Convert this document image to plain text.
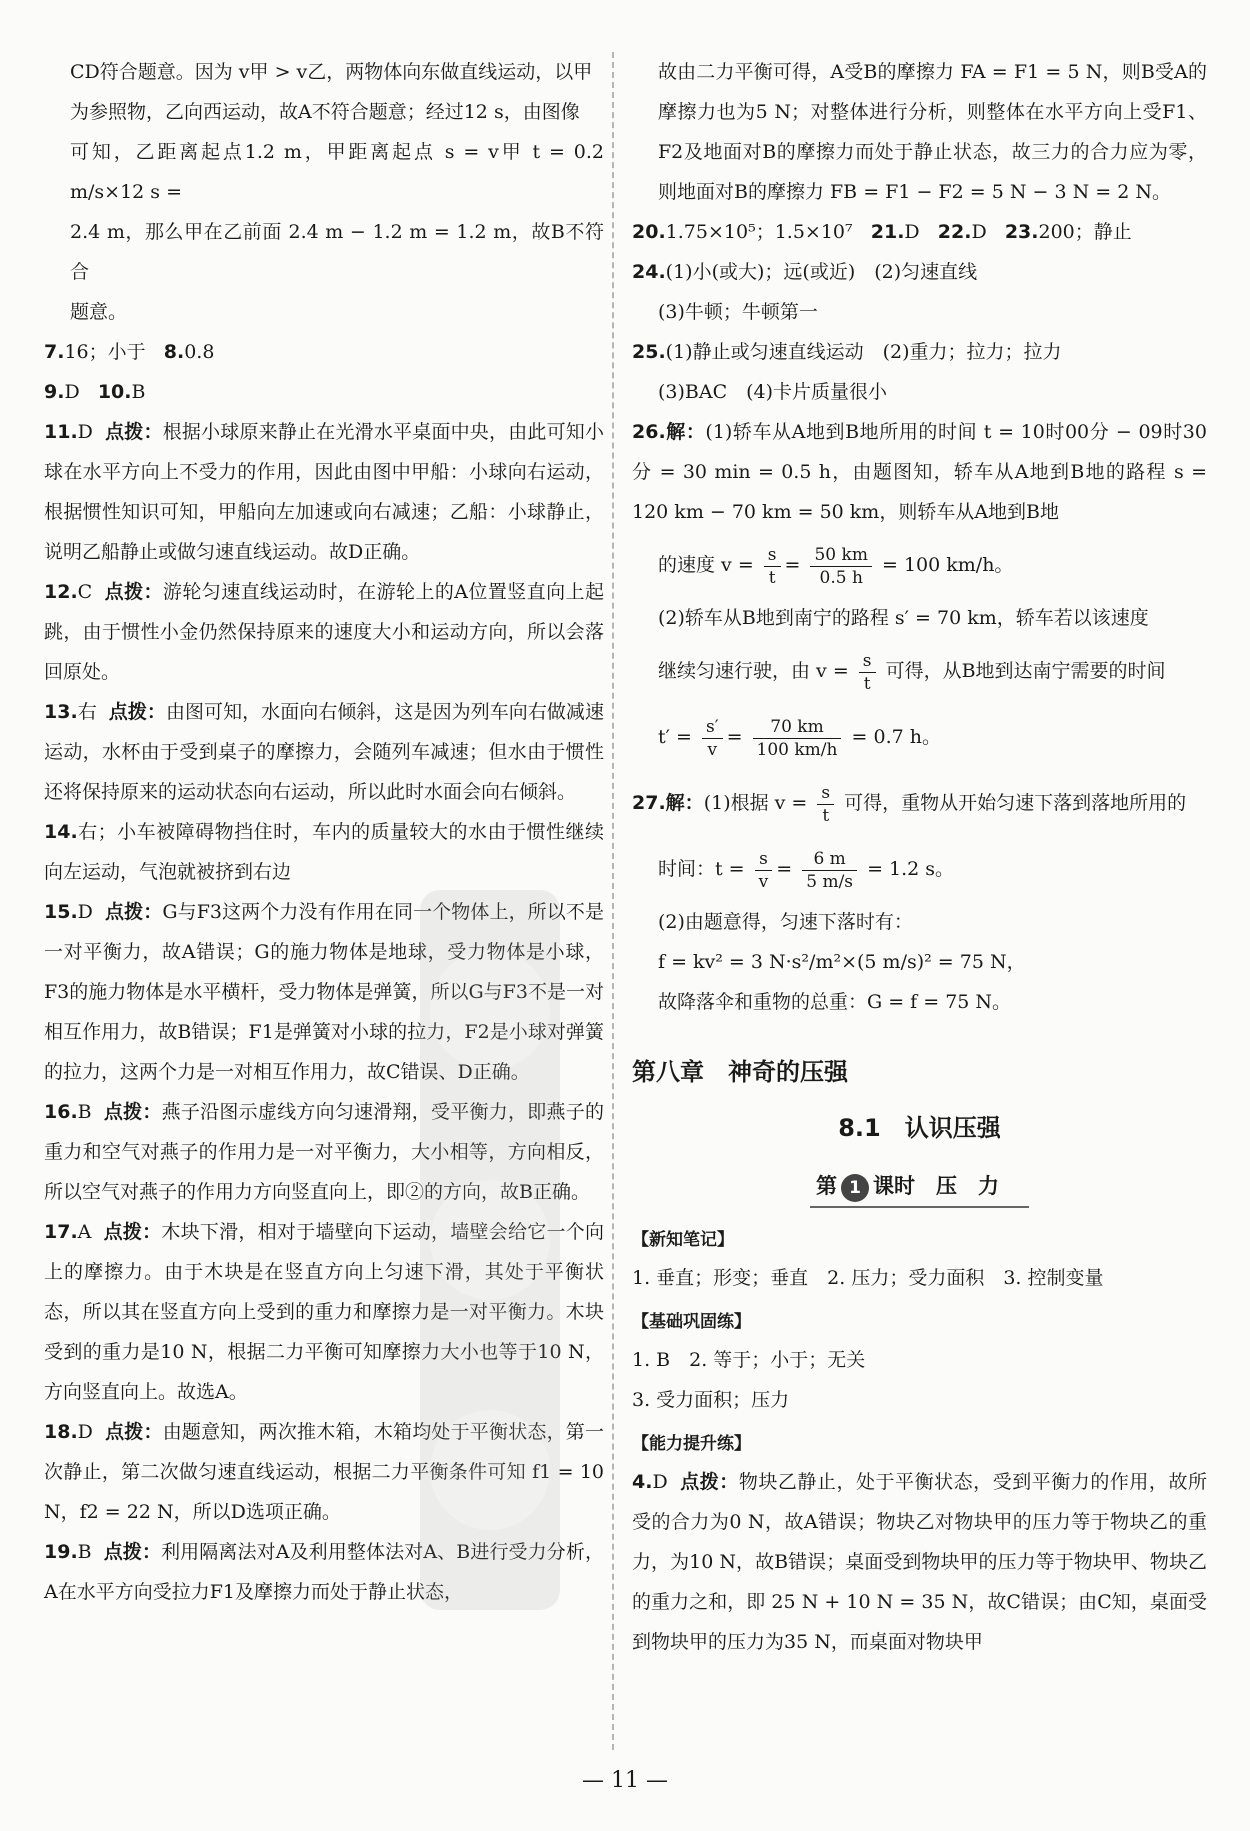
CD符合题意。因为 v甲 > v乙，两物体向东做直线运动，以甲

为参照物，乙向西运动，故A不符合题意；经过12 s，由图像

可知，乙距离起点1.2 m，甲距离起点 s = v甲 t = 0.2 m/s×12 s =

2.4 m，那么甲在乙前面 2.4 m − 1.2 m = 1.2 m，故B不符合

题意。

7.16；小于 8.0.8

9.D 10.B

11.D 点拨：根据小球原来静止在光滑水平桌面中央，由此可知小球在水平方向上不受力的作用，因此由图中甲船：小球向右运动，根据惯性知识可知，甲船向左加速或向右减速；乙船：小球静止，说明乙船静止或做匀速直线运动。故D正确。

12.C 点拨：游轮匀速直线运动时，在游轮上的A位置竖直向上起跳，由于惯性小金仍然保持原来的速度大小和运动方向，所以会落回原处。

13.右 点拨：由图可知，水面向右倾斜，这是因为列车向右做减速运动，水杯由于受到桌子的摩擦力，会随列车减速；但水由于惯性还将保持原来的运动状态向右运动，所以此时水面会向右倾斜。

14.右；小车被障碍物挡住时，车内的质量较大的水由于惯性继续向左运动，气泡就被挤到右边

15.D 点拨：G与F3这两个力没有作用在同一个物体上，所以不是一对平衡力，故A错误；G的施力物体是地球，受力物体是小球，F3的施力物体是水平横杆，受力物体是弹簧，所以G与F3不是一对相互作用力，故B错误；F1是弹簧对小球的拉力，F2是小球对弹簧的拉力，这两个力是一对相互作用力，故C错误、D正确。

16.B 点拨：燕子沿图示虚线方向匀速滑翔，受平衡力，即燕子的重力和空气对燕子的作用力是一对平衡力，大小相等，方向相反，所以空气对燕子的作用力方向竖直向上，即②的方向，故B正确。

17.A 点拨：木块下滑，相对于墙壁向下运动，墙壁会给它一个向上的摩擦力。由于木块是在竖直方向上匀速下滑，其处于平衡状态，所以其在竖直方向上受到的重力和摩擦力是一对平衡力。木块受到的重力是10 N，根据二力平衡可知摩擦力大小也等于10 N，方向竖直向上。故选A。

18.D 点拨：由题意知，两次推木箱，木箱均处于平衡状态，第一次静止，第二次做匀速直线运动，根据二力平衡条件可知 f1 = 10 N，f2 = 22 N，所以D选项正确。

19.B 点拨：利用隔离法对A及利用整体法对A、B进行受力分析，A在水平方向受拉力F1及摩擦力而处于静止状态，

故由二力平衡可得，A受B的摩擦力 FA = F1 = 5 N，则B受A的摩擦力也为5 N；对整体进行分析，则整体在水平方向上受F1、F2及地面对B的摩擦力而处于静止状态，故三力的合力应为零，则地面对B的摩擦力 FB = F1 − F2 = 5 N − 3 N = 2 N。

20.1.75×10⁵；1.5×10⁷ 21.D 22.D 23.200；静止

24.(1)小(或大)；远(或近)　(2)匀速直线

(3)牛顿；牛顿第一

25.(1)静止或匀速直线运动　(2)重力；拉力；拉力

(3)BAC　(4)卡片质量很小

26.解：(1)轿车从A地到B地所用的时间 t = 10时00分 − 09时30分 = 30 min = 0.5 h，由题图知，轿车从A地到B地的路程 s = 120 km − 70 km = 50 km，则轿车从A地到B地

的速度 $v = \frac{s}{t} = \frac{50 km}{0.5 h} = 100$ km/h。

(2)轿车从B地到南宁的路程 s′ = 70 km，轿车若以该速度

继续匀速行驶，由 $v = \frac{s}{t}$ 可得，从B地到达南宁需要的时间

$t' = \frac{s'}{v} = \frac{70 km}{100 km/h} = 0.7$ h。

27.解：(1)根据 $v = \frac{s}{t}$ 可得，重物从开始匀速下落到落地所用的

时间：$t = \frac{s}{v} = \frac{6 m}{5 m/s} = 1.2$ s。

(2)由题意得，匀速下落时有：

f = kv² = 3 N·s²/m²×(5 m/s)² = 75 N，

故降落伞和重物的总重：G = f = 75 N。

第八章　神奇的压强
8.1　认识压强
第 1 课时　压　力
【新知笔记】

1. 垂直；形变；垂直　2. 压力；受力面积　3. 控制变量

【基础巩固练】

1. B　2. 等于；小于；无关

3. 受力面积；压力

【能力提升练】

4.D 点拨：物块乙静止，处于平衡状态，受到平衡力的作用，故所受的合力为0 N，故A错误；物块乙对物块甲的压力等于物块乙的重力，为10 N，故B错误；桌面受到物块甲的压力等于物块甲、物块乙的重力之和，即 25 N + 10 N = 35 N，故C错误；由C知，桌面受到物块甲的压力为35 N，而桌面对物块甲

— 11 —
